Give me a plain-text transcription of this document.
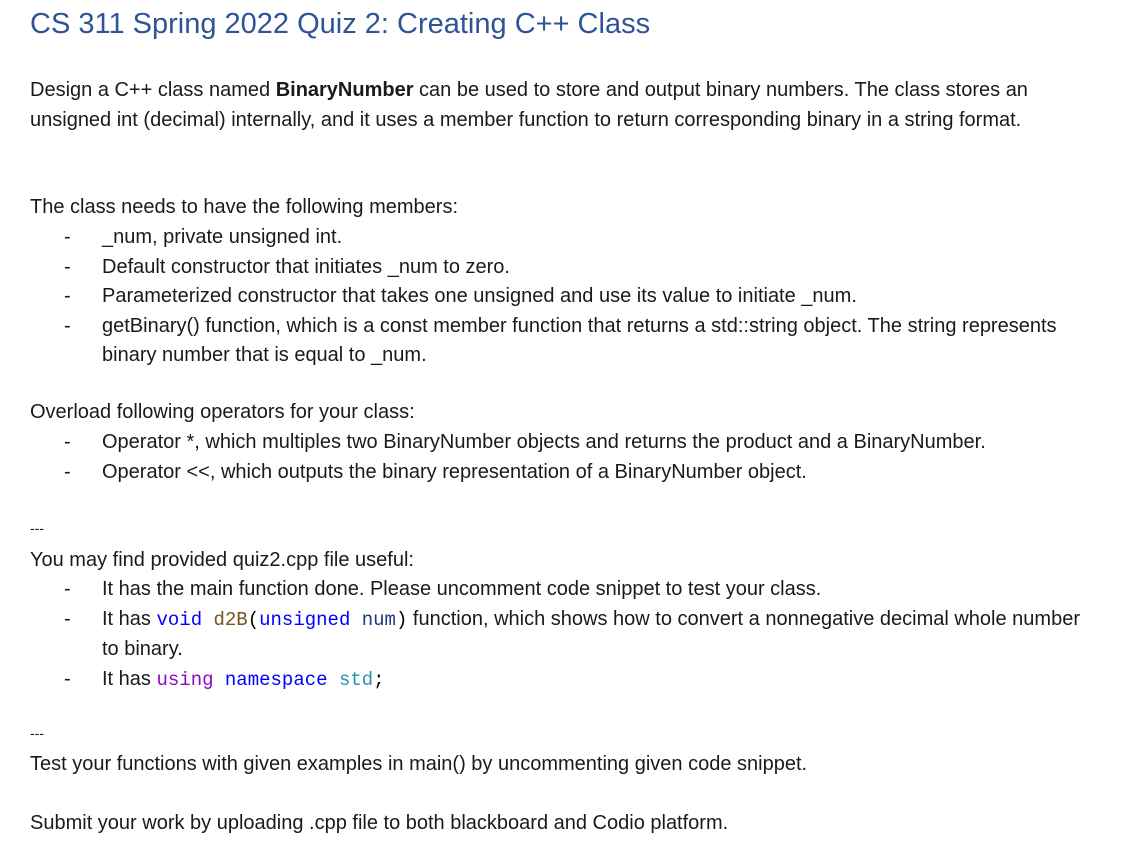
CS 311 Spring 2022 Quiz 2: Creating C++ Class

Design a C++ class named BinaryNumber can be used to store and output binary numbers. The class stores an unsigned int (decimal) internally, and it uses a member function to return corresponding binary in a string format.

The class needs to have the following members:

- _num, private unsigned int.
- Default constructor that initiates _num to zero.
- Parameterized constructor that takes one unsigned and use its value to initiate _num.
- getBinary() function, which is a const member function that returns a std::string object. The string represents binary number that is equal to _num.

Overload following operators for your class:

- Operator *, which multiples two BinaryNumber objects and returns the product and a BinaryNumber.
- Operator <<, which outputs the binary representation of a BinaryNumber object.

---

You may find provided quiz2.cpp file useful:

- It has the main function done. Please uncomment code snippet to test your class.
- It has void d2B(unsigned num) function, which shows how to convert a nonnegative decimal whole number to binary.
- It has using namespace std;

---

Test your functions with given examples in main() by uncommenting given code snippet.

Submit your work by uploading .cpp file to both blackboard and Codio platform.
